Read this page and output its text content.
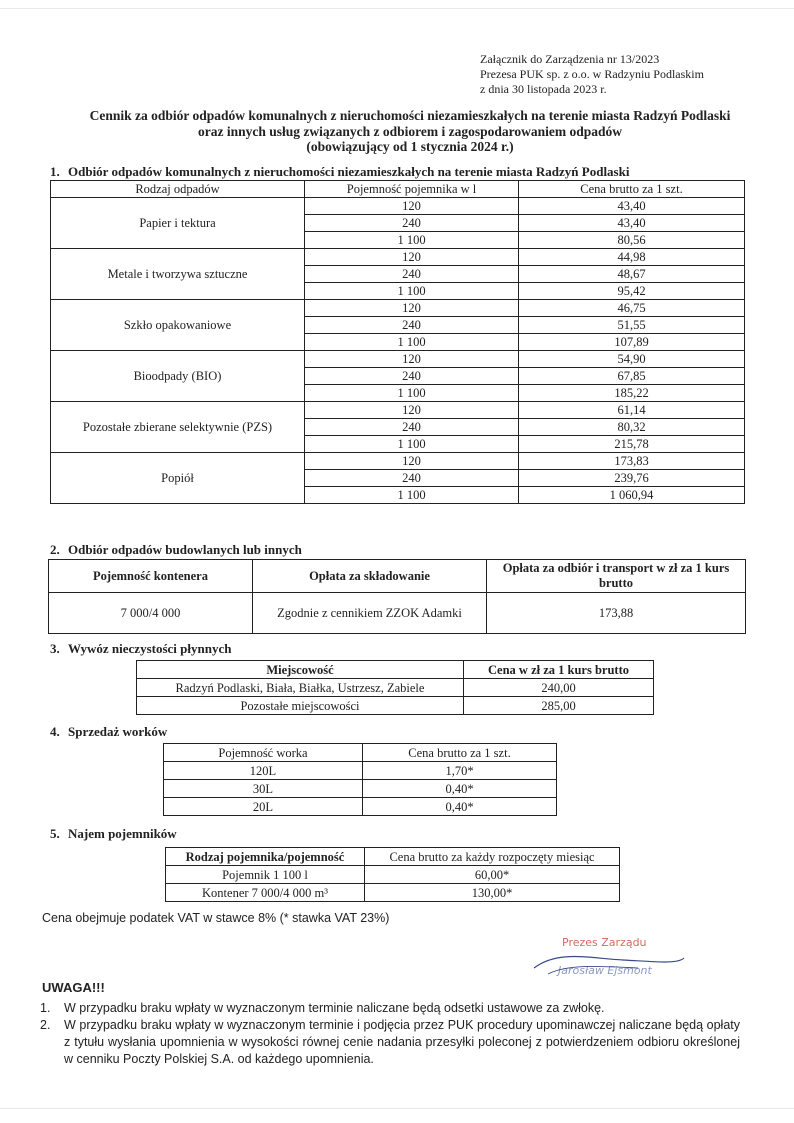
Załącznik do Zarządzenia nr 13/2023
Prezesa PUK sp. z o.o. w Radzyniu Podlaskim
z dnia 30 listopada 2023 r.
Cennik za odbiór odpadów komunalnych z nieruchomości niezamieszkałych na terenie miasta Radzyń Podlaski
oraz innych usług związanych z odbiorem i zagospodarowaniem odpadów
(obowiązujący od 1 stycznia 2024 r.)
1. Odbiór odpadów komunalnych z nieruchomości niezamieszkałych na terenie miasta Radzyń Podlaski
Rodzaj odpadów	Pojemność pojemnika w l	Cena brutto za 1 szt.
Papier i tektura	120	43,40
	240	43,40
	1 100	80,56
Metale i tworzywa sztuczne	120	44,98
	240	48,67
	1 100	95,42
Szkło opakowaniowe	120	46,75
	240	51,55
	1 100	107,89
Bioodpady (BIO)	120	54,90
	240	67,85
	1 100	185,22
Pozostałe zbierane selektywnie (PZS)	120	61,14
	240	80,32
	1 100	215,78
Popiół	120	173,83
	240	239,76
	1 100	1 060,94
2. Odbiór odpadów budowlanych lub innych
Pojemność kontenera	Opłata za składowanie	Opłata za odbiór i transport w zł za 1 kurs brutto
7 000/4 000	Zgodnie z cennikiem ZZOK Adamki	173,88
3. Wywóz nieczystości płynnych
Miejscowość	Cena w zł za 1 kurs brutto
Radzyń Podlaski, Biała, Białka, Ustrzesz, Zabiele	240,00
Pozostałe miejscowości	285,00
4. Sprzedaż worków
Pojemność worka	Cena brutto za 1 szt.
120L	1,70*
30L	0,40*
20L	0,40*
5. Najem pojemników
Rodzaj pojemnika/pojemność	Cena brutto za każdy rozpoczęty miesiąc
Pojemnik 1 100 l	60,00*
Kontener 7 000/4 000 m³	130,00*
Cena obejmuje podatek VAT w stawce 8% (* stawka VAT 23%)
Prezes Zarządu
Jarosław Ejsmont
UWAGA!!!
1. W przypadku braku wpłaty w wyznaczonym terminie naliczane będą odsetki ustawowe za zwłokę.
2. W przypadku braku wpłaty w wyznaczonym terminie i podjęcia przez PUK procedury upominawczej naliczane będą opłaty z tytułu wysłania upomnienia w wysokości równej cenie nadania przesyłki poleconej z potwierdzeniem odbioru określonej w cenniku Poczty Polskiej S.A. od każdego upomnienia.
